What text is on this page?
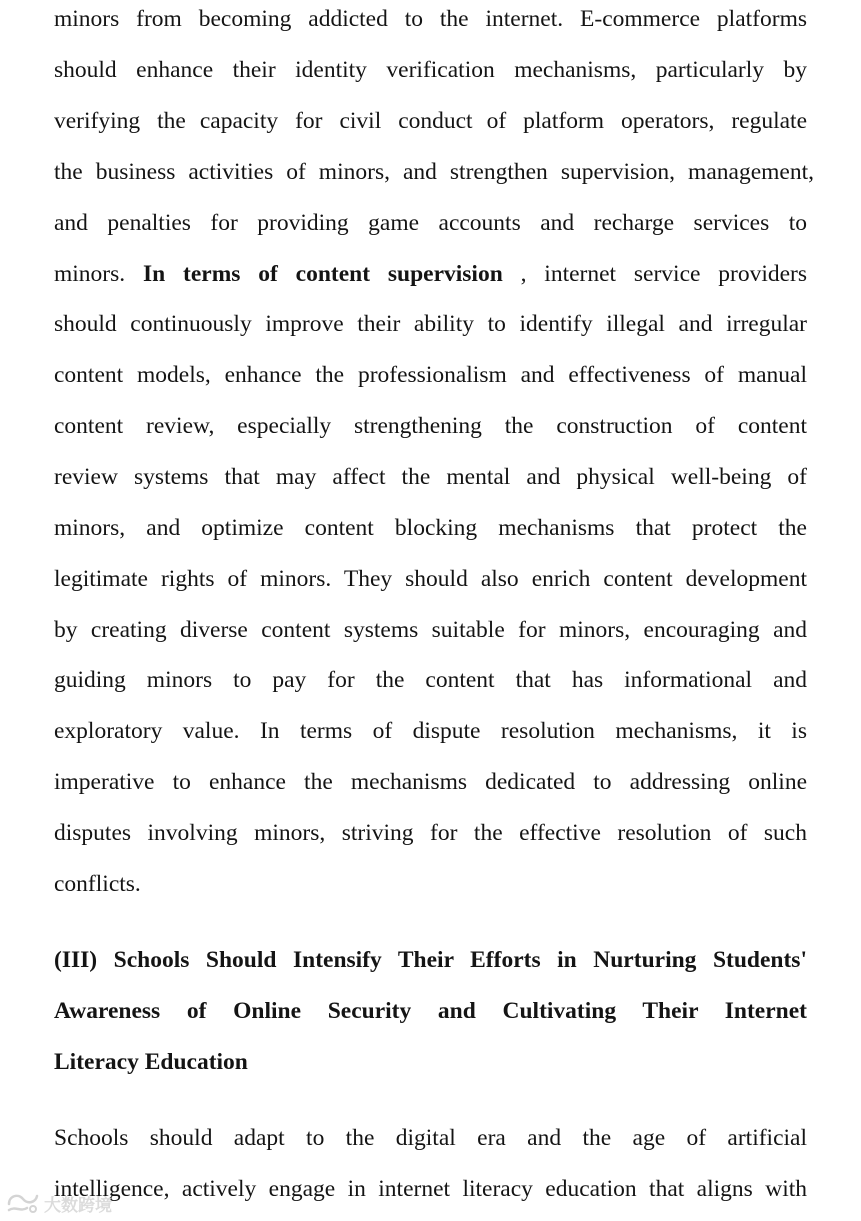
minors from becoming addicted to the internet. E-commerce platforms
should enhance their identity verification mechanisms, particularly by
verifying the capacity for civil conduct of platform operators, regulate
the business activities of minors, and strengthen supervision, management,
and penalties for providing game accounts and recharge services to
minors. In terms of content supervision , internet service providers
should continuously improve their ability to identify illegal and irregular
content models, enhance the professionalism and effectiveness of manual
content review, especially strengthening the construction of content
review systems that may affect the mental and physical well-being of
minors, and optimize content blocking mechanisms that protect the
legitimate rights of minors. They should also enrich content development
by creating diverse content systems suitable for minors, encouraging and
guiding minors to pay for the content that has informational and
exploratory value. In terms of dispute resolution mechanisms, it is
imperative to enhance the mechanisms dedicated to addressing online
disputes involving minors, striving for the effective resolution of such
conflicts.
(III) Schools Should Intensify Their Efforts in Nurturing Students'
Awareness of Online Security and Cultivating Their Internet
Literacy Education
Schools should adapt to the digital era and the age of artificial
intelligence, actively engage in internet literacy education that aligns with
大数跨境
